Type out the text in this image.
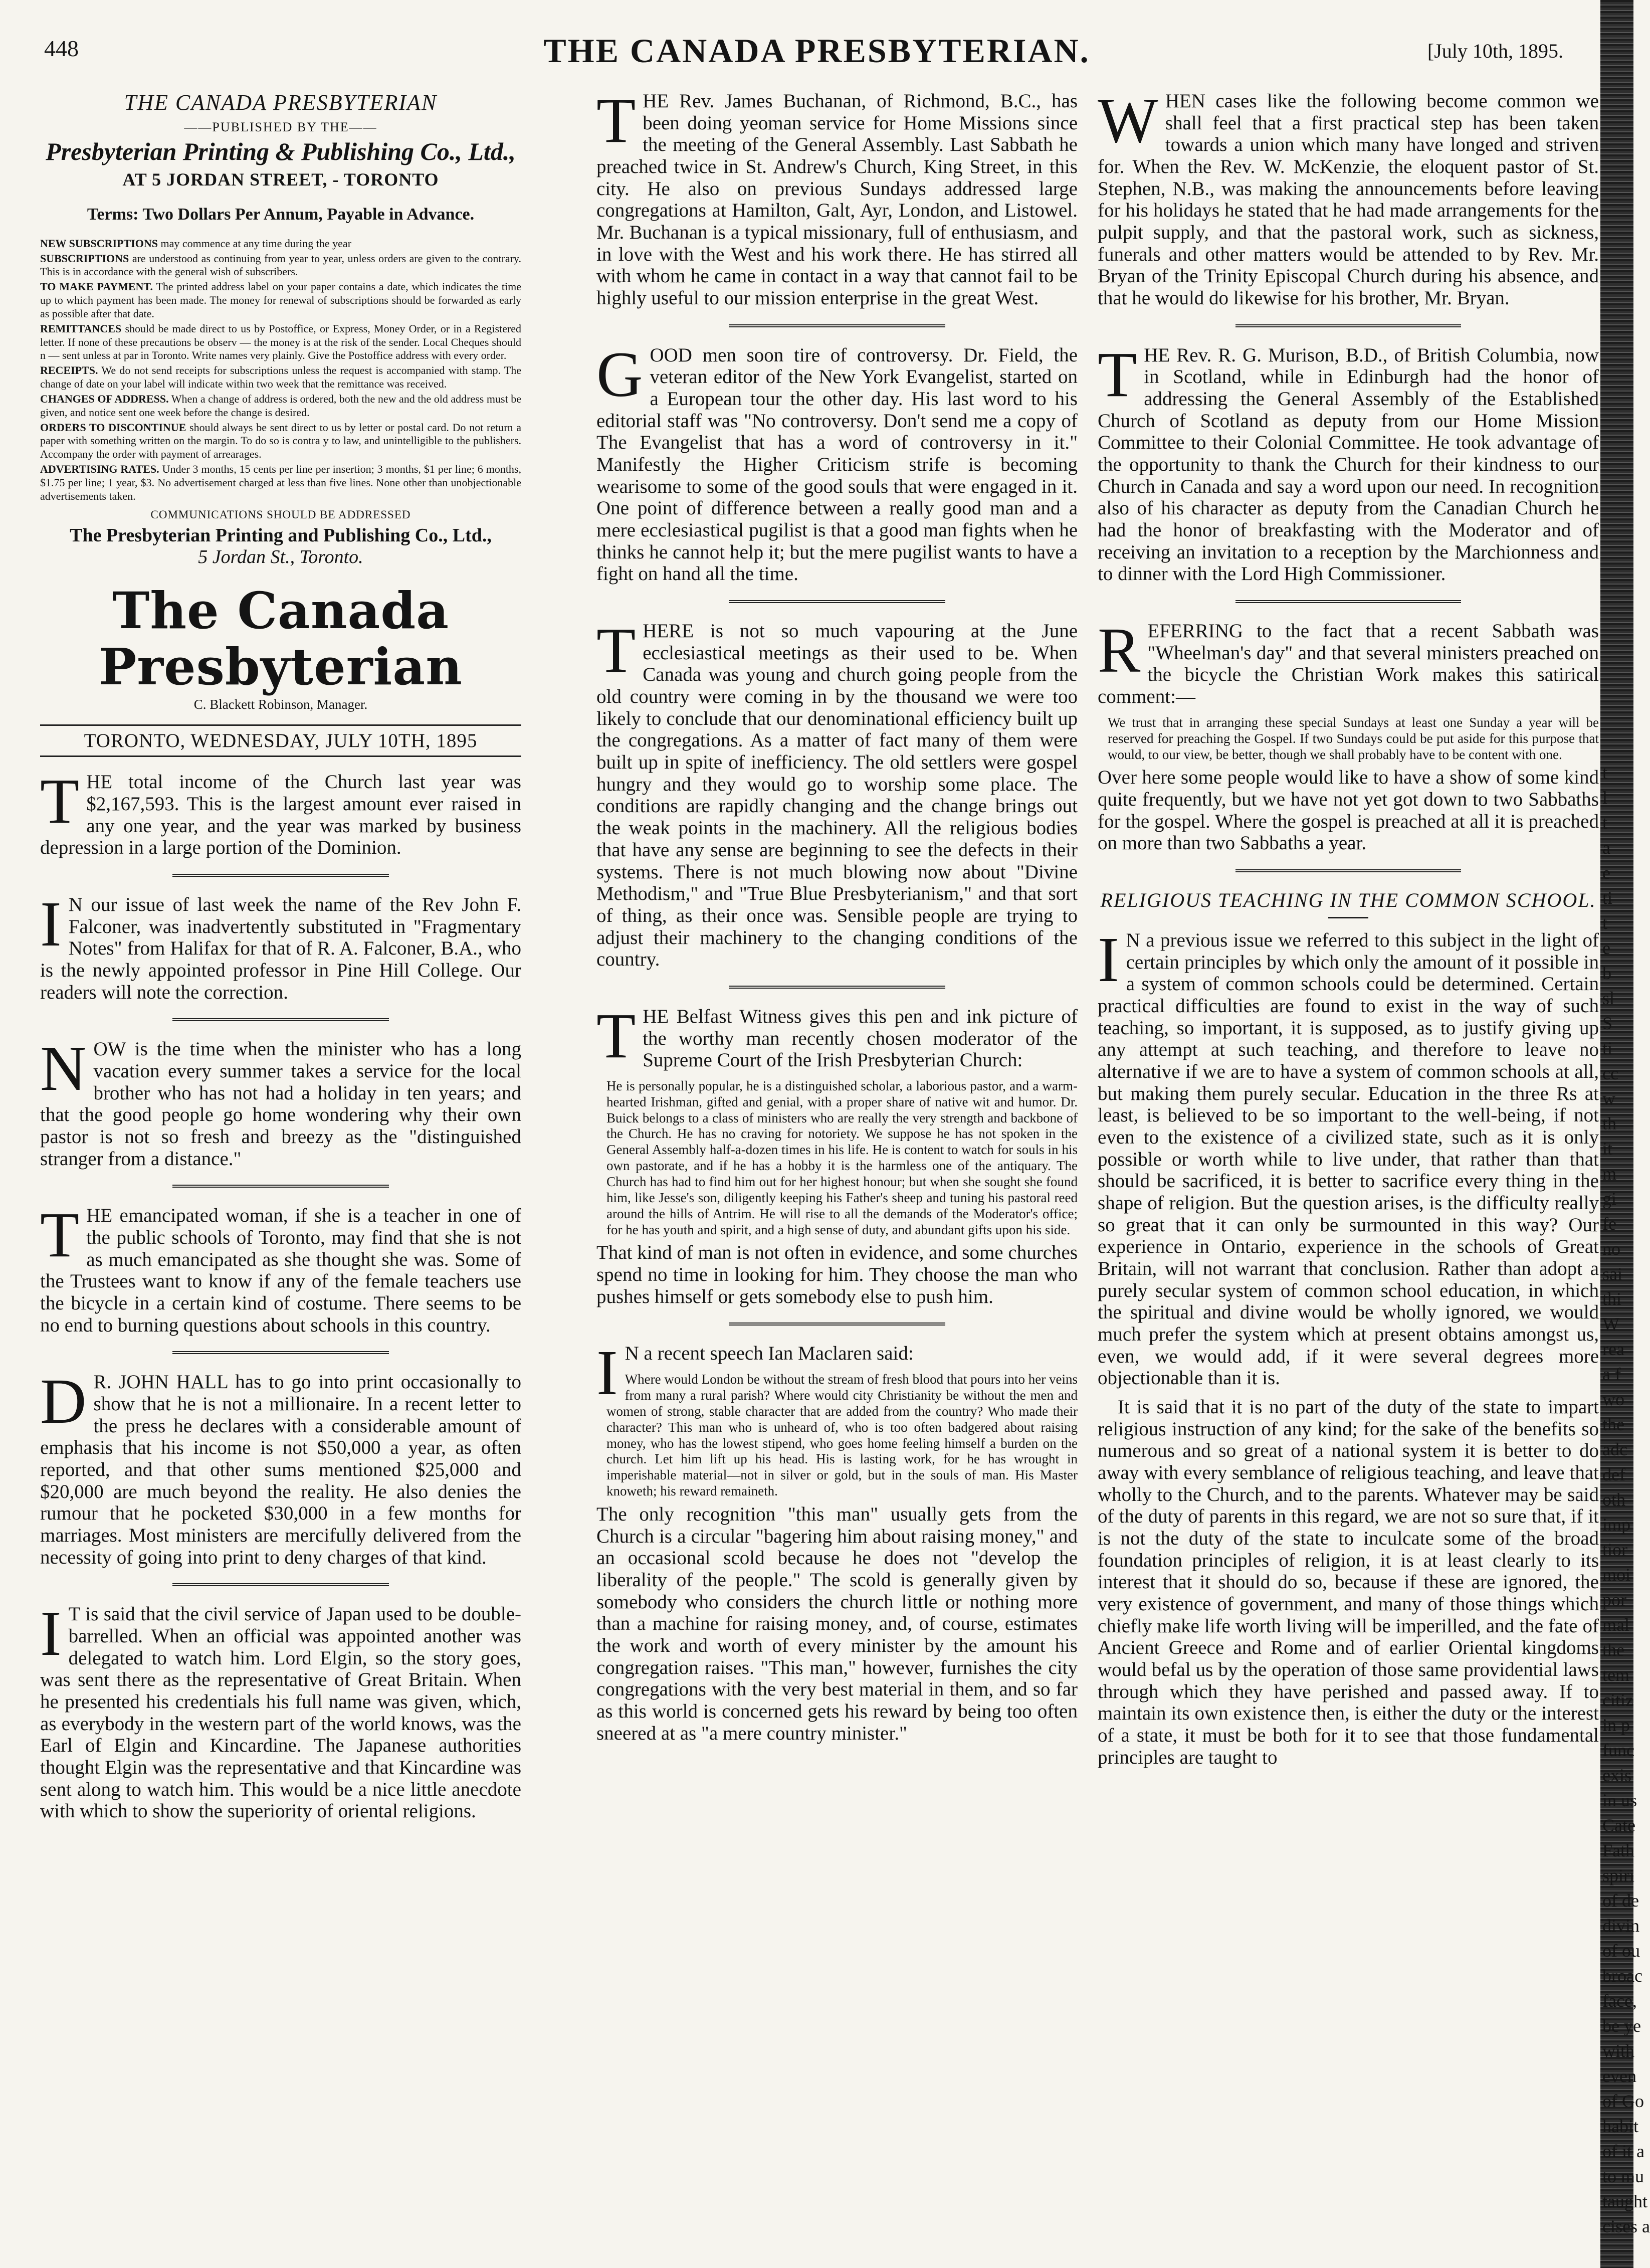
448	THE CANADA PRESBYTERIAN.	[July 10th, 1895.

THE CANADA PRESBYTERIAN

——PUBLISHED BY THE——

Presbyterian Printing & Publishing Co., Ltd.,

AT 5 JORDAN STREET, - TORONTO

Terms: Two Dollars Per Annum, Payable in Advance.

NEW SUBSCRIPTIONS may commence at any time during the year

SUBSCRIPTIONS are understood as continuing from year to year, unless orders are given to the contrary. This is in accordance with the general wish of subscribers.

TO MAKE PAYMENT. The printed address label on your paper contains a date, which indicates the time up to which payment has been made. The money for renewal of subscriptions should be forwarded as early as possible after that date.

REMITTANCES should be made direct to us by Postoffice, or Express, Money Order, or in a Registered letter. If none of these precautions be observ — the money is at the risk of the sender. Local Cheques should n — sent unless at par in Toronto. Write names very plainly. Give the Postoffice address with every order.

RECEIPTS. We do not send receipts for subscriptions unless the request is accompanied with stamp. The change of date on your label will indicate within two week that the remittance was received.

CHANGES OF ADDRESS. When a change of address is ordered, both the new and the old address must be given, and notice sent one week before the change is desired.

ORDERS TO DISCONTINUE should always be sent direct to us by letter or postal card. Do not return a paper with something written on the margin. To do so is contra y to law, and unintelligible to the publishers. Accompany the order with payment of arrearages.

ADVERTISING RATES. Under 3 months, 15 cents per line per insertion; 3 months, $1 per line; 6 months, $1.75 per line; 1 year, $3. No advertisement charged at less than five lines. None other than unobjectionable advertisements taken.

COMMUNICATIONS SHOULD BE ADDRESSED

The Presbyterian Printing and Publishing Co., Ltd.,

5 Jordan St., Toronto.

The Canada Presbyterian

C. Blackett Robinson, Manager.

TORONTO, WEDNESDAY, JULY 10TH, 1895

THE total income of the Church last year was $2,167,593. This is the largest amount ever raised in any one year, and the year was marked by business depression in a large portion of the Dominion.

IN our issue of last week the name of the Rev John F. Falconer, was inadvertently substituted in "Fragmentary Notes" from Halifax for that of R. A. Falconer, B.A., who is the newly appointed professor in Pine Hill College. Our readers will note the correction.

NOW is the time when the minister who has a long vacation every summer takes a service for the local brother who has not had a holiday in ten years; and that the good people go home wondering why their own pastor is not so fresh and breezy as the "distinguished stranger from a distance."

THE emancipated woman, if she is a teacher in one of the public schools of Toronto, may find that she is not as much emancipated as she thought she was. Some of the Trustees want to know if any of the female teachers use the bicycle in a certain kind of costume. There seems to be no end to burning questions about schools in this country.

DR. JOHN HALL has to go into print occasionally to show that he is not a millionaire. In a recent letter to the press he declares with a considerable amount of emphasis that his income is not $50,000 a year, as often reported, and that other sums mentioned $25,000 and $20,000 are much beyond the reality. He also denies the rumour that he pocketed $30,000 in a few months for marriages. Most ministers are mercifully delivered from the necessity of going into print to deny charges of that kind.

IT is said that the civil service of Japan used to be double-barrelled. When an official was appointed another was delegated to watch him. Lord Elgin, so the story goes, was sent there as the representative of Great Britain. When he presented his credentials his full name was given, which, as everybody in the western part of the world knows, was the Earl of Elgin and Kincardine. The Japanese authorities thought Elgin was the representative and that Kincardine was sent along to watch him. This would be a nice little anecdote with which to show the superiority of oriental religions.

THE Rev. James Buchanan, of Richmond, B.C., has been doing yeoman service for Home Missions since the meeting of the General Assembly. Last Sabbath he preached twice in St. Andrew's Church, King Street, in this city. He also on previous Sundays addressed large congregations at Hamilton, Galt, Ayr, London, and Listowel. Mr. Buchanan is a typical missionary, full of enthusiasm, and in love with the West and his work there. He has stirred all with whom he came in contact in a way that cannot fail to be highly useful to our mission enterprise in the great West.

GOOD men soon tire of controversy. Dr. Field, the veteran editor of the New York Evangelist, started on a European tour the other day. His last word to his editorial staff was "No controversy. Don't send me a copy of The Evangelist that has a word of controversy in it." Manifestly the Higher Criticism strife is becoming wearisome to some of the good souls that were engaged in it. One point of difference between a really good man and a mere ecclesiastical pugilist is that a good man fights when he thinks he cannot help it; but the mere pugilist wants to have a fight on hand all the time.

THERE is not so much vapouring at the June ecclesiastical meetings as their used to be. When Canada was young and church going people from the old country were coming in by the thousand we were too likely to conclude that our denominational efficiency built up the congregations. As a matter of fact many of them were built up in spite of inefficiency. The old settlers were gospel hungry and they would go to worship some place. The conditions are rapidly changing and the change brings out the weak points in the machinery. All the religious bodies that have any sense are beginning to see the defects in their systems. There is not much blowing now about "Divine Methodism," and "True Blue Presbyterianism," and that sort of thing, as their once was. Sensible people are trying to adjust their machinery to the changing conditions of the country.

THE Belfast Witness gives this pen and ink picture of the worthy man recently chosen moderator of the Supreme Court of the Irish Presbyterian Church:

He is personally popular, he is a distinguished scholar, a laborious pastor, and a warm-hearted Irishman, gifted and genial, with a proper share of native wit and humor. Dr. Buick belongs to a class of ministers who are really the very strength and backbone of the Church. He has no craving for notoriety. We suppose he has not spoken in the General Assembly half-a-dozen times in his life. He is content to watch for souls in his own pastorate, and if he has a hobby it is the harmless one of the antiquary. The Church has had to find him out for her highest honour; but when she sought she found him, like Jesse's son, diligently keeping his Father's sheep and tuning his pastoral reed around the hills of Antrim. He will rise to all the demands of the Moderator's office; for he has youth and spirit, and a high sense of duty, and abundant gifts upon his side.

That kind of man is not often in evidence, and some churches spend no time in looking for him. They choose the man who pushes himself or gets somebody else to push him.

IN a recent speech Ian Maclaren said:

Where would London be without the stream of fresh blood that pours into her veins from many a rural parish? Where would city Christianity be without the men and women of strong, stable character that are added from the country? Who made their character? This man who is unheard of, who is too often badgered about raising money, who has the lowest stipend, who goes home feeling himself a burden on the church. Let him lift up his head. His is lasting work, for he has wrought in imperishable material—not in silver or gold, but in the souls of man. His Master knoweth; his reward remaineth.

The only recognition "this man" usually gets from the Church is a circular "bagering him about raising money," and an occasional scold because he does not "develop the liberality of the people." The scold is generally given by somebody who considers the church little or nothing more than a machine for raising money, and, of course, estimates the work and worth of every minister by the amount his congregation raises. "This man," however, furnishes the city congregations with the very best material in them, and so far as this world is concerned gets his reward by being too often sneered at as "a mere country minister."

WHEN cases like the following become common we shall feel that a first practical step has been taken towards a union which many have longed and striven for. When the Rev. W. McKenzie, the eloquent pastor of St. Stephen, N.B., was making the announcements before leaving for his holidays he stated that he had made arrangements for the pulpit supply, and that the pastoral work, such as sickness, funerals and other matters would be attended to by Rev. Mr. Bryan of the Trinity Episcopal Church during his absence, and that he would do likewise for his brother, Mr. Bryan.

THE Rev. R. G. Murison, B.D., of British Columbia, now in Scotland, while in Edinburgh had the honor of addressing the General Assembly of the Established Church of Scotland as deputy from our Home Mission Committee to their Colonial Committee. He took advantage of the opportunity to thank the Church for their kindness to our Church in Canada and say a word upon our need. In recognition also of his character as deputy from the Canadian Church he had the honor of breakfasting with the Moderator and of receiving an invitation to a reception by the Marchionness and to dinner with the Lord High Commissioner.

REFERRING to the fact that a recent Sabbath was "Wheelman's day" and that several ministers preached on the bicycle the Christian Work makes this satirical comment:—

We trust that in arranging these special Sundays at least one Sunday a year will be reserved for preaching the Gospel. If two Sundays could be put aside for this purpose that would, to our view, be better, though we shall probably have to be content with one.

Over here some people would like to have a show of some kind quite frequently, but we have not yet got down to two Sabbaths for the gospel. Where the gospel is preached at all it is preached on more than two Sabbaths a year.

RELIGIOUS TEACHING IN THE COMMON SCHOOL.

IN a previous issue we referred to this subject in the light of certain principles by which only the amount of it possible in a system of common schools could be determined. Certain practical difficulties are found to exist in the way of such teaching, so important, it is supposed, as to justify giving up any attempt at such teaching, and therefore to leave no alternative if we are to have a system of common schools at all, but making them purely secular. Education in the three Rs at least, is believed to be so important to the well-being, if not even to the existence of a civilized state, such as it is only possible or worth while to live under, that rather than that should be sacrificed, it is better to sacrifice every thing in the shape of religion. But the question arises, is the difficulty really so great that it can only be surmounted in this way? Our experience in Ontario, experience in the schools of Great Britain, will not warrant that conclusion. Rather than adopt a purely secular system of common school education, in which the spiritual and divine would be wholly ignored, we would much prefer the system which at present obtains amongst us, even, we would add, if it were several degrees more objectionable than it is.

It is said that it is no part of the duty of the state to impart religious instruction of any kind; for the sake of the benefits so numerous and so great of a national system it is better to do away with every semblance of religious teaching, and leave that wholly to the Church, and to the parents. Whatever may be said of the duty of parents in this regard, we are not so sure that, if it is not the duty of the state to inculcate some of the broad foundation principles of religion, it is at least clearly to its interest that it should do so, because if these are ignored, the very existence of government, and many of those things which chiefly make life worth living will be imperilled, and the fate of Ancient Greece and Rome and of earlier Oriental kingdoms would befal us by the operation of those same providential laws through which they have perished and passed away. If to maintain its own existence then, is either the duty or the interest of a state, it must be both for it to see that those fundamental principles are taught to

t
l
t
a
e
ti
t
e
b
sl
S
ti
cc
w
th
it
m
gi
fe
no
sai
thi
W
rea
a f
wo
the
adc
def
oth
imp
tior
moi
por
mal
the
tem
citiz
in p
func
exis
in us
Cate
Fath
spiri
of de
divin
of ou
broac
face,
be ye
with
even
of Go
habit
of it a
to mu
taught
cises a
